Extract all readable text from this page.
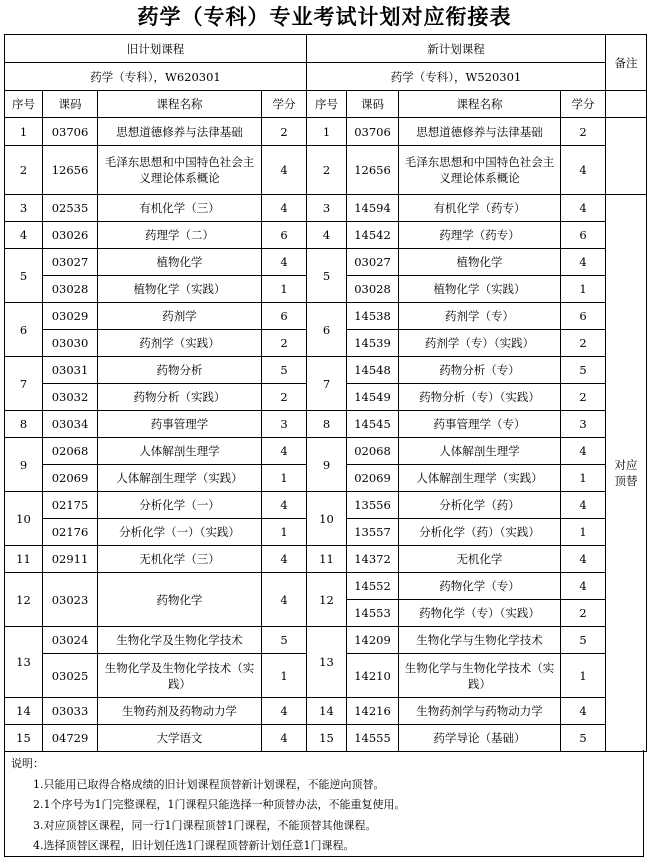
药学（专科）专业考试计划对应衔接表
旧计划课程				新计划课程				备注	
药学（专科），W620301				药学（专科），W520301					
序号	课码	课程名称	学分	序号	课码	课程名称	学分		
1	03706	思想道德修养与法律基础	2	1	03706	思想道德修养与法律基础	2		
2	12656	毛泽东思想和中国特色社会主义理论体系概论	4	2	12656	毛泽东思想和中国特色社会主义理论体系概论	4		
3	02535	有机化学（三）	4	3	14594	有机化学（药专）	4	对应顶替	
4	03026	药理学（二）	6	4	14542	药理学（药专）	6		
5	03027	植物化学	4	5	03027	植物化学	4		
	03028	植物化学（实践）	1		03028	植物化学（实践）	1		
6	03029	药剂学	6	6	14538	药剂学（专）	6		
	03030	药剂学（实践）	2		14539	药剂学（专）（实践）	2		
7	03031	药物分析	5	7	14548	药物分析（专）	5		
	03032	药物分析（实践）	2		14549	药物分析（专）（实践）	2		
8	03034	药事管理学	3	8	14545	药事管理学（专）	3		
9	02068	人体解剖生理学	4	9	02068	人体解剖生理学	4		
	02069	人体解剖生理学（实践）	1		02069	人体解剖生理学（实践）	1		
10	02175	分析化学（一）	4	10	13556	分析化学（药）	4		
	02176	分析化学（一）（实践）	1		13557	分析化学（药）（实践）	1		
11	02911	无机化学（三）	4	11	14372	无机化学	4		
12	03023	药物化学	4	12	14552	药物化学（专）	4		
					14553	药物化学（专）（实践）	2		
13	03024	生物化学及生物化学技术	5	13	14209	生物化学与生物化学技术	5		
	03025	生物化学及生物化学技术（实践）	1		14210	生物化学与生物化学技术（实践）	1		
14	03033	生物药剂及药物动力学	4	14	14216	生物药剂学与药物动力学	4		
15	04729	大学语文	4	15	14555	药学导论（基础）	5		
说明：
1.只能用已取得合格成绩的旧计划课程顶替新计划课程，不能逆向顶替。
2.1个序号为1门完整课程，1门课程只能选择一种顶替办法，不能重复使用。
3.对应顶替区课程，同一行1门课程顶替1门课程，不能顶替其他课程。
4.选择顶替区课程，旧计划任选1门课程顶替新计划任意1门课程。
